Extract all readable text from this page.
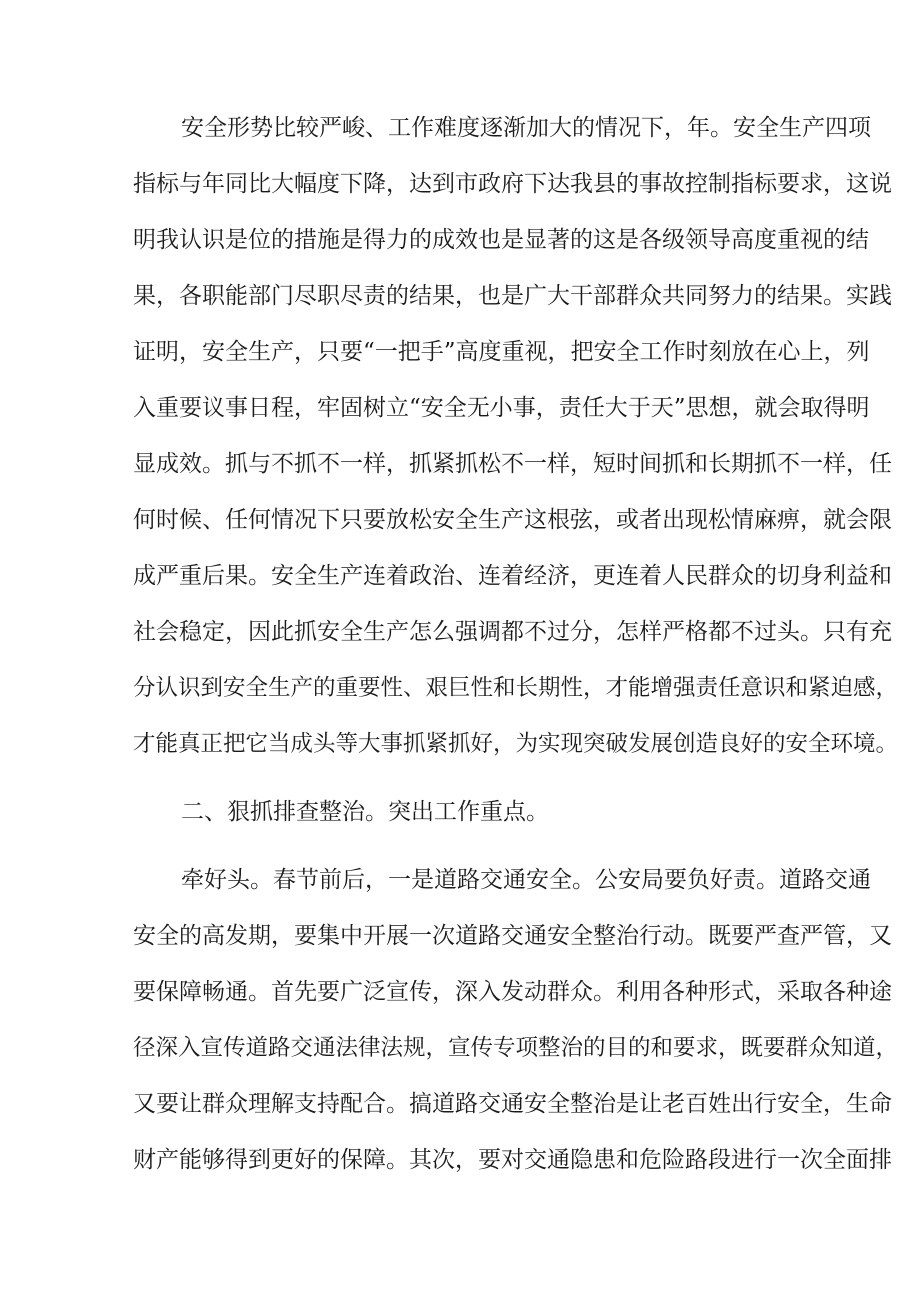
安全形势比较严峻、工作难度逐渐加大的情况下，年。安全生产四项
指标与年同比大幅度下降，达到市政府下达我县的事故控制指标要求，这说
明我认识是位的措施是得力的成效也是显著的这是各级领导高度重视的结
果，各职能部门尽职尽责的结果，也是广大干部群众共同努力的结果。实践
证明，安全生产，只要“一把手”高度重视，把安全工作时刻放在心上，列
入重要议事日程，牢固树立“安全无小事，责任大于天”思想，就会取得明
显成效。抓与不抓不一样，抓紧抓松不一样，短时间抓和长期抓不一样，任
何时候、任何情况下只要放松安全生产这根弦，或者出现松情麻痹，就会限
成严重后果。安全生产连着政治、连着经济，更连着人民群众的切身利益和
社会稳定，因此抓安全生产怎么强调都不过分，怎样严格都不过头。只有充
分认识到安全生产的重要性、艰巨性和长期性，才能增强责任意识和紧迫感，
才能真正把它当成头等大事抓紧抓好，为实现突破发展创造良好的安全环境。
二、狠抓排查整治。突出工作重点。
牵好头。春节前后，一是道路交通安全。公安局要负好责。道路交通
安全的高发期，要集中开展一次道路交通安全整治行动。既要严查严管，又
要保障畅通。首先要广泛宣传，深入发动群众。利用各种形式，采取各种途
径深入宣传道路交通法律法规，宣传专项整治的目的和要求，既要群众知道，
又要让群众理解支持配合。搞道路交通安全整治是让老百姓出行安全，生命
财产能够得到更好的保障。其次，要对交通隐患和危险路段进行一次全面排
